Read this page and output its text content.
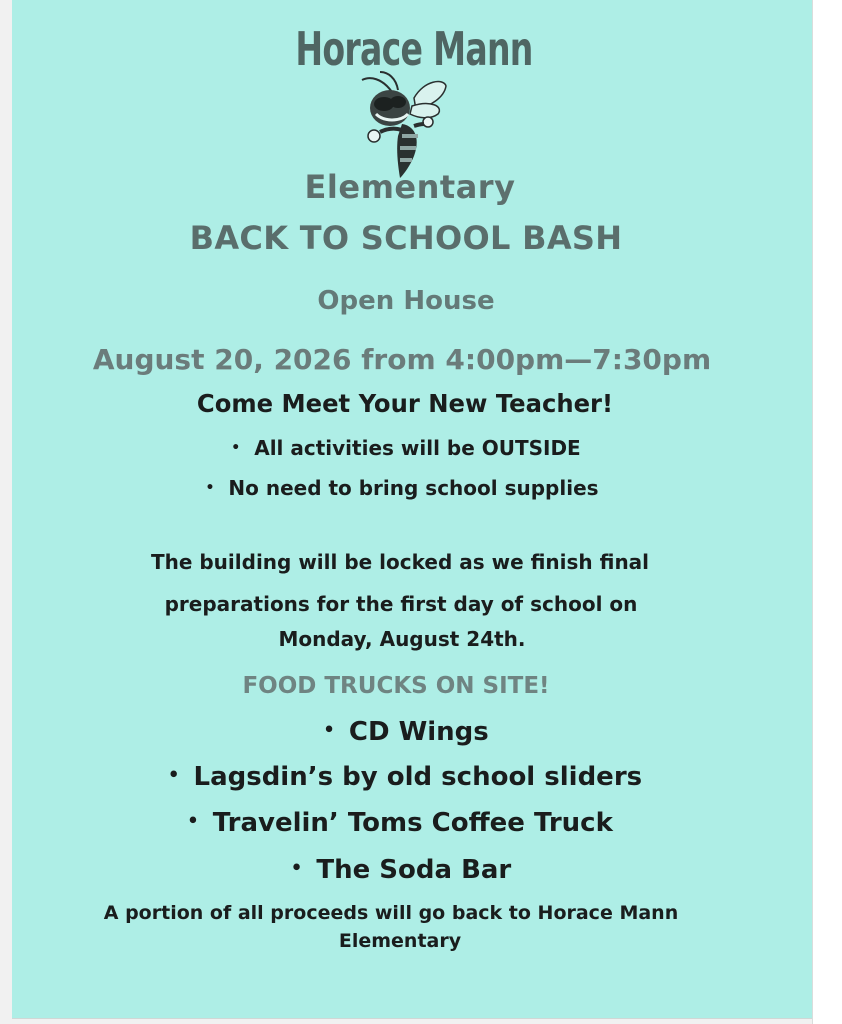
Horace Mann
Elementary
BACK TO SCHOOL BASH
Open House
August 20, 2026 from 4:00pm—7:30pm
Come Meet Your New Teacher!
• All activities will be OUTSIDE
• No need to bring school supplies
The building will be locked as we finish final
preparations for the first day of school on
Monday, August 24th.
FOOD TRUCKS ON SITE!
• CD Wings
• Lagsdin’s by old school sliders
• Travelin’ Toms Coffee Truck
• The Soda Bar
A portion of all proceeds will go back to Horace Mann
Elementary
